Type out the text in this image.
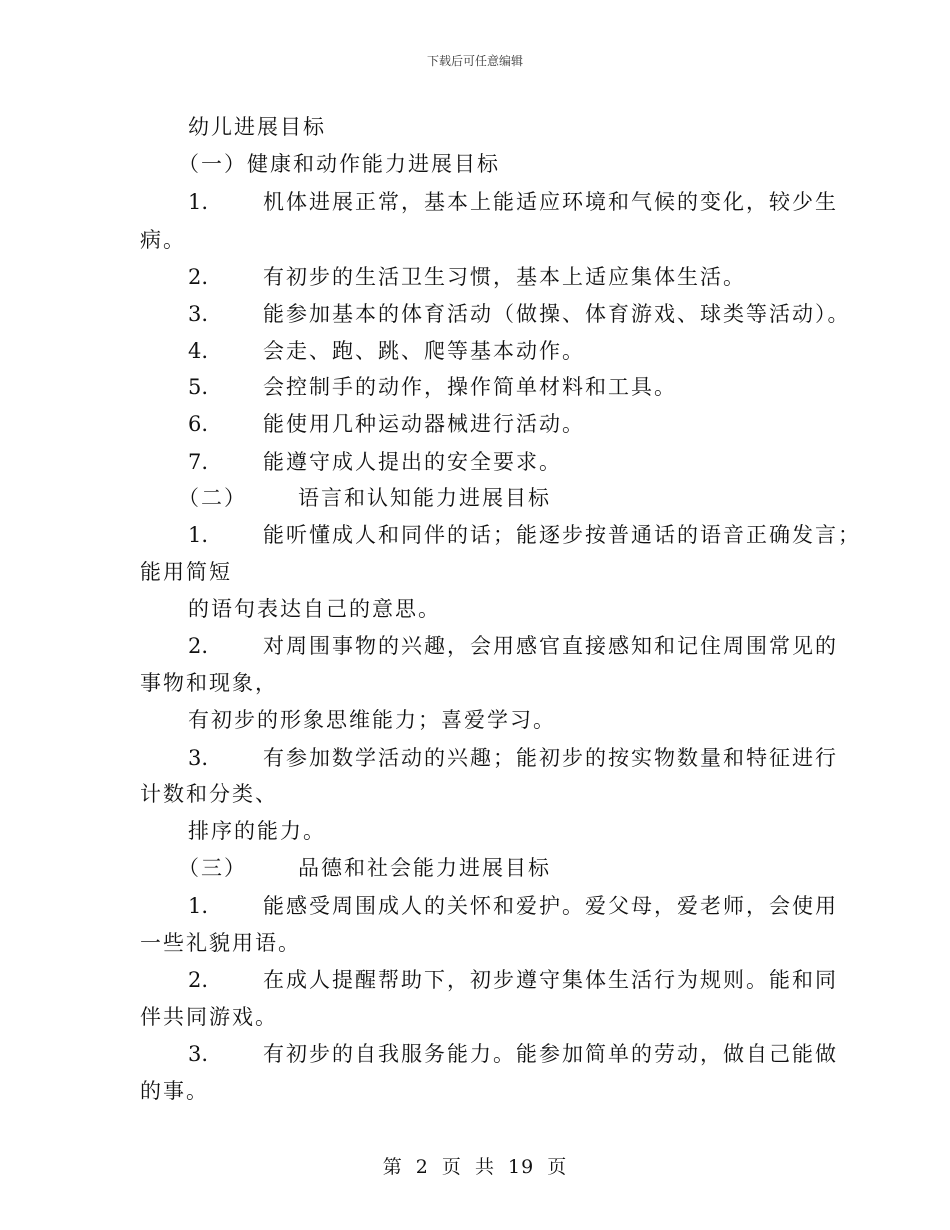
下载后可任意编辑
幼儿进展目标
（一）健康和动作能力进展目标
1.	机体进展正常，基本上能适应环境和气候的变化，较少生
病。
2.	有初步的生活卫生习惯，基本上适应集体生活。
3.	能参加基本的体育活动（做操、体育游戏、球类等活动）。
4.	会走、跑、跳、爬等基本动作。
5.	会控制手的动作，操作简单材料和工具。
6.	能使用几种运动器械进行活动。
7.	能遵守成人提出的安全要求。
（二） 语言和认知能力进展目标
1.	能听懂成人和同伴的话；能逐步按普通话的语音正确发言；
能用简短
的语句表达自己的意思。
2.	对周围事物的兴趣，会用感官直接感知和记住周围常见的
事物和现象，
有初步的形象思维能力；喜爱学习。
3.	有参加数学活动的兴趣；能初步的按实物数量和特征进行
计数和分类、
排序的能力。
（三） 品德和社会能力进展目标
1.	能感受周围成人的关怀和爱护。爱父母，爱老师，会使用
一些礼貌用语。
2.	在成人提醒帮助下，初步遵守集体生活行为规则。能和同
伴共同游戏。
3.	有初步的自我服务能力。能参加简单的劳动，做自己能做
的事。
第 2 页 共 19 页
